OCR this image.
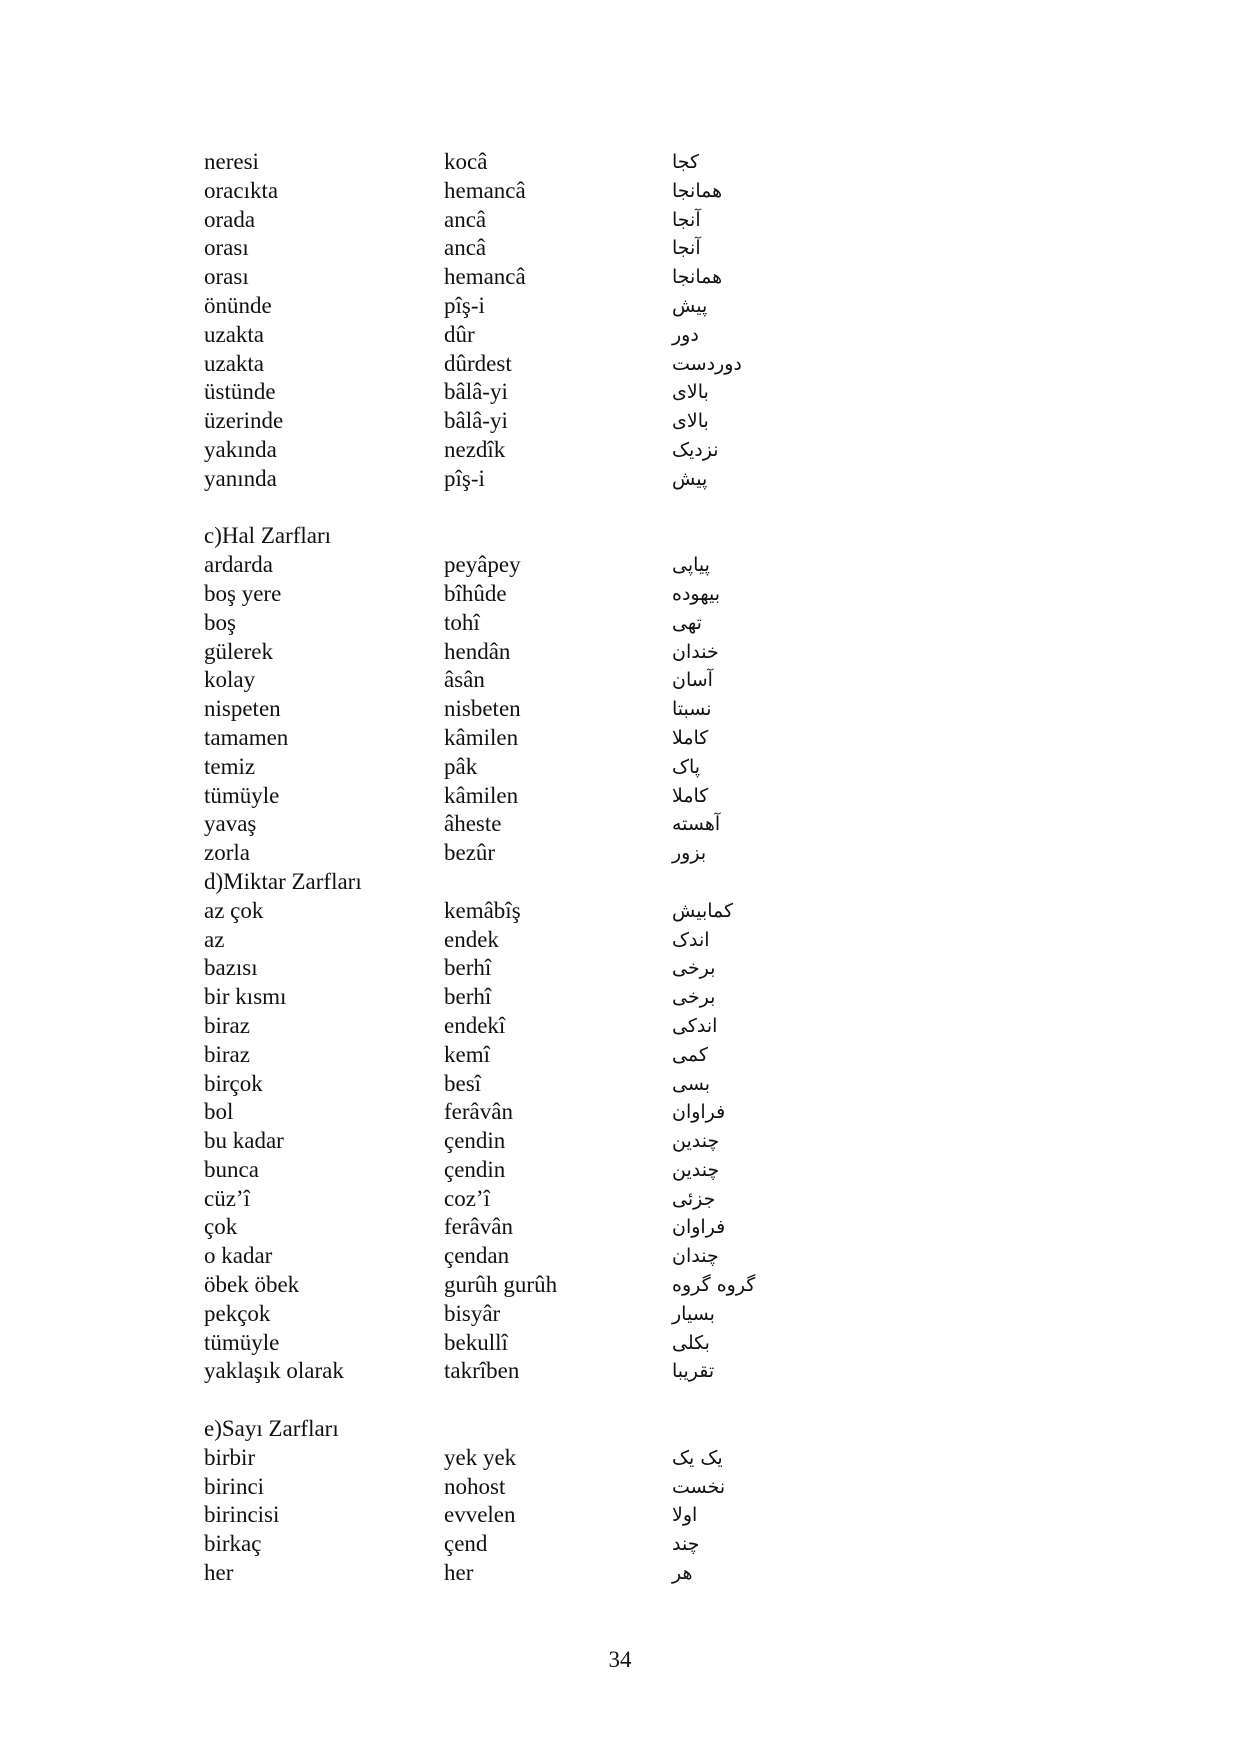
neresi	kocâ	کجا
oracıkta	hemancâ	همانجا
orada	ancâ	آنجا
orası	ancâ	آنجا
orası	hemancâ	همانجا
önünde	pîş-i	پیش
uzakta	dûr	دور
uzakta	dûrdest	دوردست
üstünde	bâlâ-yi	بالای
üzerinde	bâlâ-yi	بالای
yakında	nezdîk	نزدیک
yanında	pîş-i	پیش
c)Hal Zarfları
ardarda	peyâpey	پیاپی
boş yere	bîhûde	بیهوده
boş	tohî	تهی
gülerek	hendân	خندان
kolay	âsân	آسان
nispeten	nisbeten	نسبتا
tamamen	kâmilen	کاملا
temiz	pâk	پاک
tümüyle	kâmilen	کاملا
yavaş	âheste	آهسته
zorla	bezûr	بزور
d)Miktar Zarfları
az çok	kemâbîş	کمابیش
az	endek	اندک
bazısı	berhî	برخی
bir kısmı	berhî	برخی
biraz	endekî	اندکی
biraz	kemî	کمی
birçok	besî	بسی
bol	ferâvân	فراوان
bu kadar	çendin	چندین
bunca	çendin	چندین
cüz’î	coz’î	جزئی
çok	ferâvân	فراوان
o kadar	çendan	چندان
öbek öbek	gurûh gurûh	گروه گروه
pekçok	bisyâr	بسیار
tümüyle	bekullî	بکلی
yaklaşık olarak	takrîben	تقریبا
e)Sayı Zarfları
birbir	yek yek	یک یک
birinci	nohost	نخست
birincisi	evvelen	اولا
birkaç	çend	چند
her	her	هر
34
